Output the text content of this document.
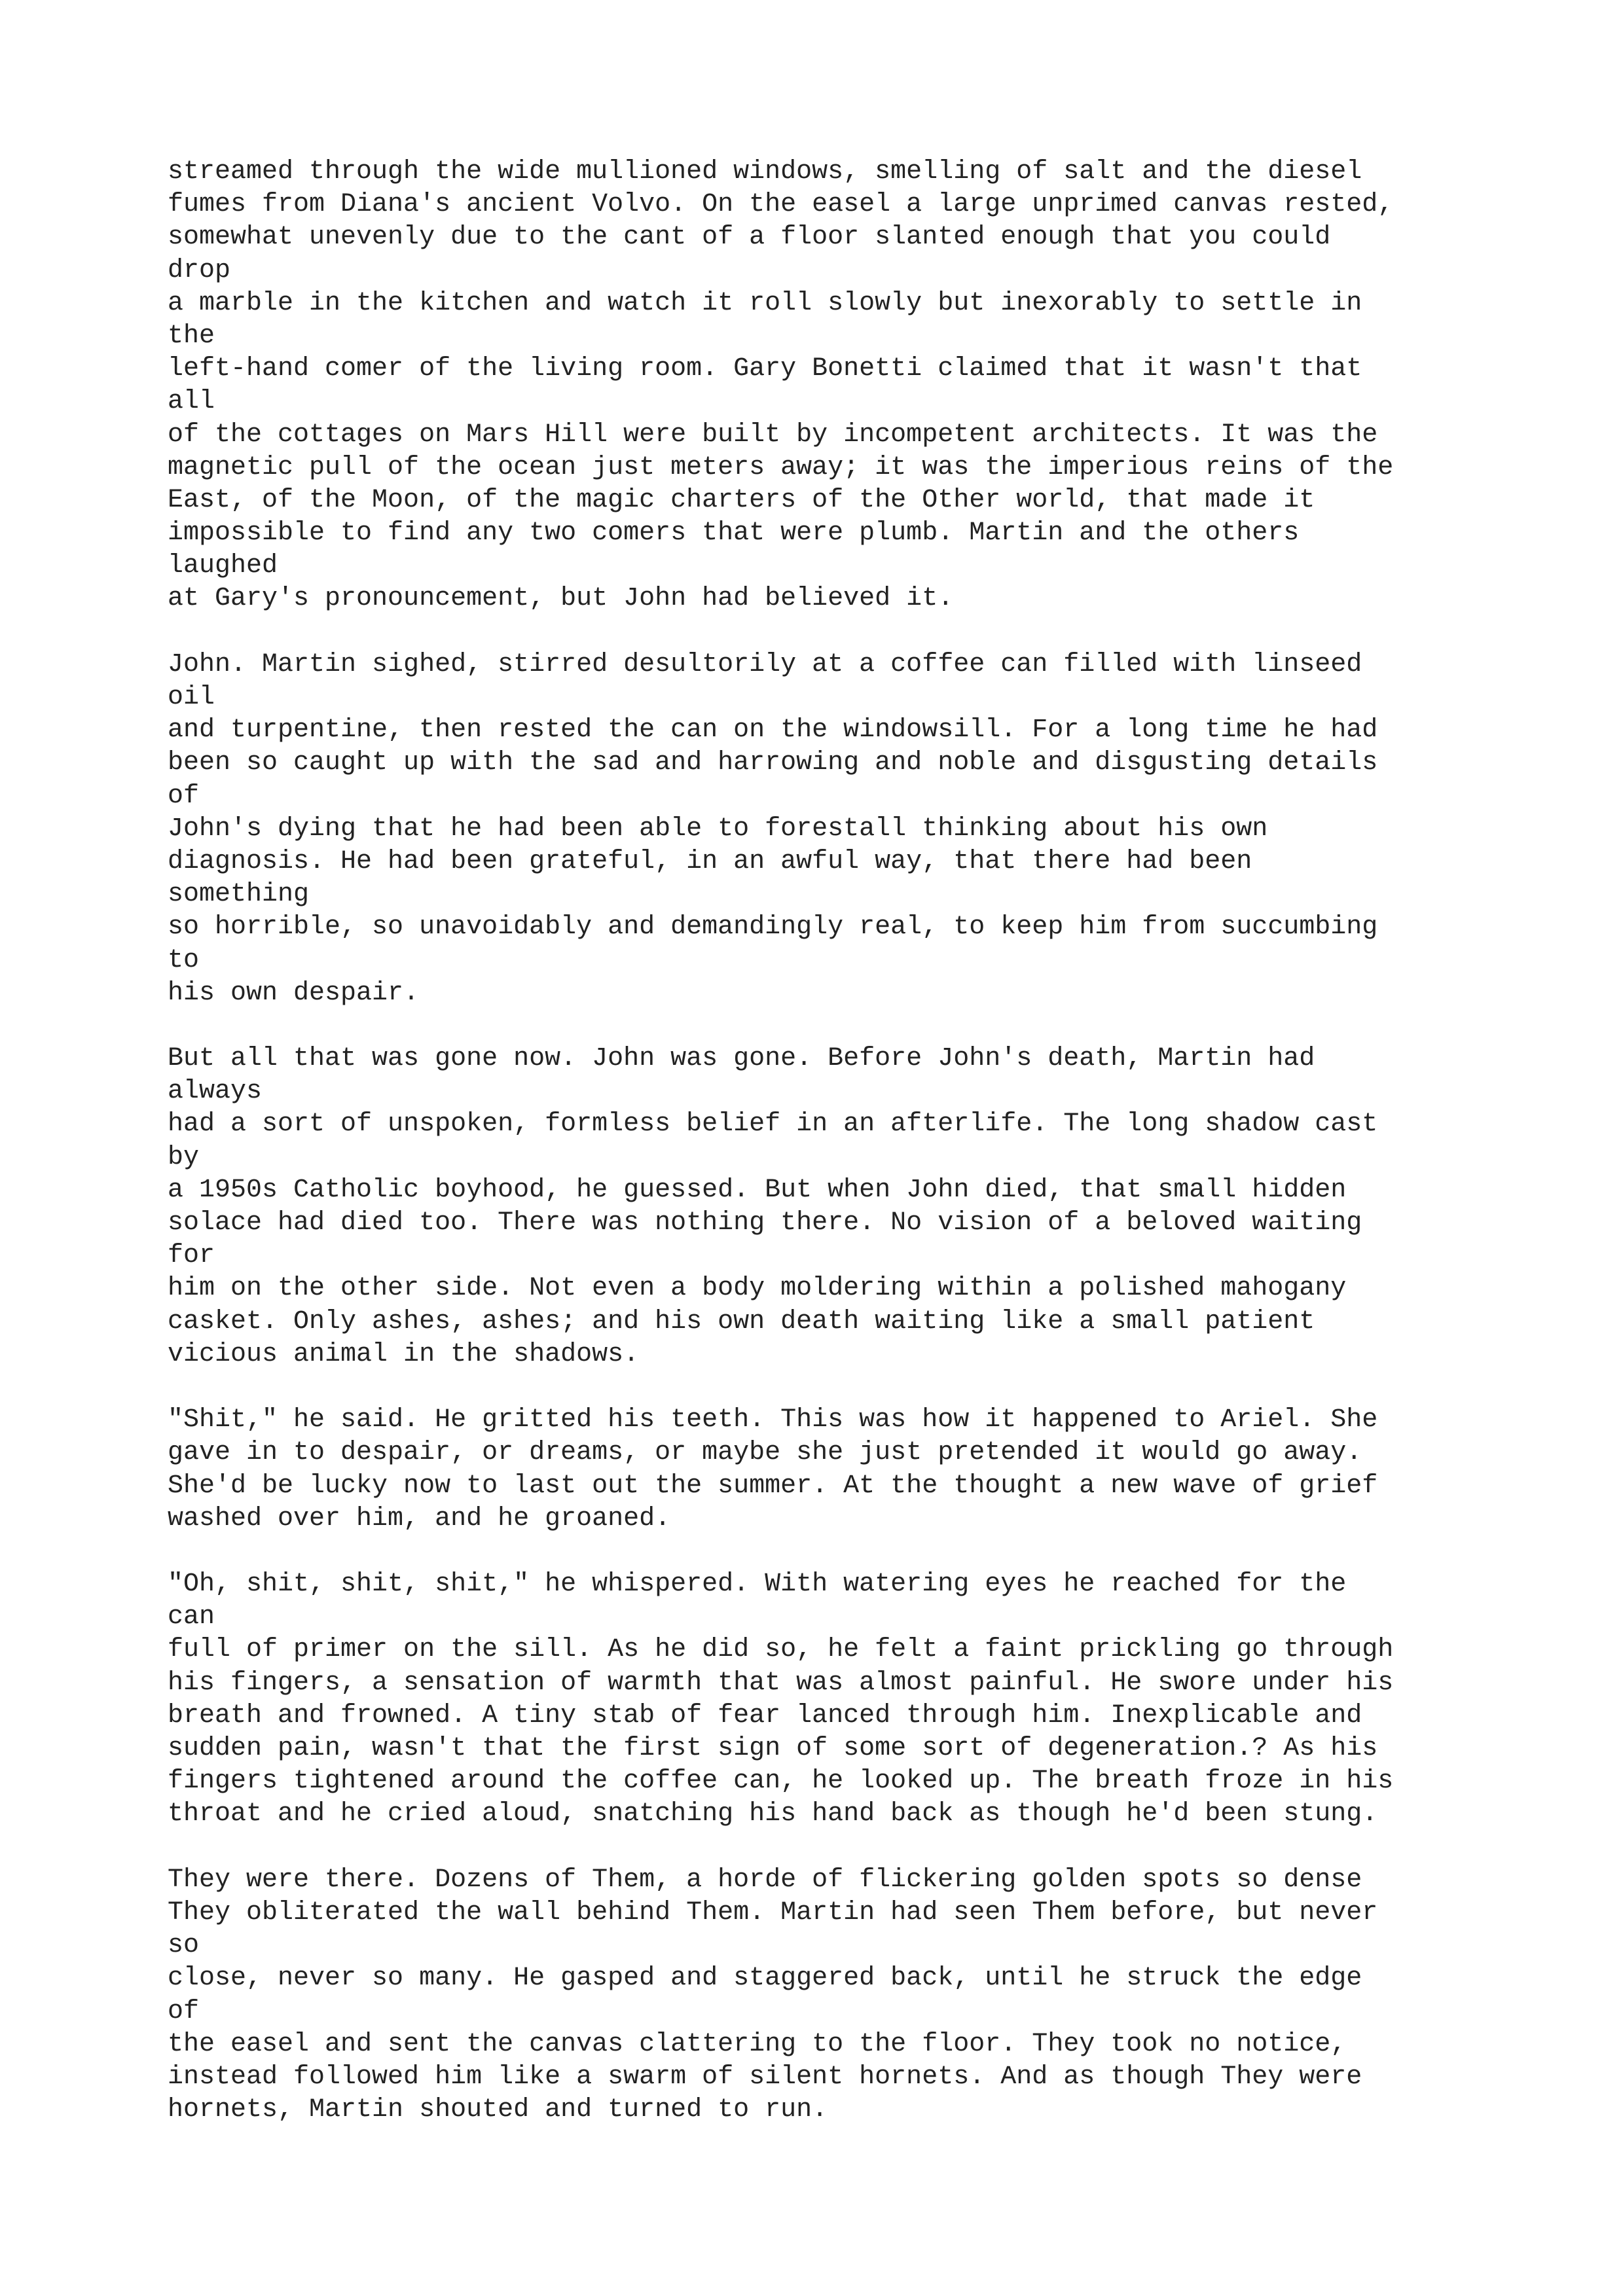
streamed through the wide mullioned windows, smelling of salt and the diesel
fumes from Diana's ancient Volvo. On the easel a large unprimed canvas rested,
somewhat unevenly due to the cant of a floor slanted enough that you could
drop
a marble in the kitchen and watch it roll slowly but inexorably to settle in
the
left-hand comer of the living room. Gary Bonetti claimed that it wasn't that
all
of the cottages on Mars Hill were built by incompetent architects. It was the
magnetic pull of the ocean just meters away; it was the imperious reins of the
East, of the Moon, of the magic charters of the Other world, that made it
impossible to find any two comers that were plumb. Martin and the others
laughed
at Gary's pronouncement, but John had believed it.
John. Martin sighed, stirred desultorily at a coffee can filled with linseed
oil
and turpentine, then rested the can on the windowsill. For a long time he had
been so caught up with the sad and harrowing and noble and disgusting details
of
John's dying that he had been able to forestall thinking about his own
diagnosis. He had been grateful, in an awful way, that there had been
something
so horrible, so unavoidably and demandingly real, to keep him from succumbing
to
his own despair.
But all that was gone now. John was gone. Before John's death, Martin had
always
had a sort of unspoken, formless belief in an afterlife. The long shadow cast
by
a 1950s Catholic boyhood, he guessed. But when John died, that small hidden
solace had died too. There was nothing there. No vision of a beloved waiting
for
him on the other side. Not even a body moldering within a polished mahogany
casket. Only ashes, ashes; and his own death waiting like a small patient
vicious animal in the shadows.
"Shit," he said. He gritted his teeth. This was how it happened to Ariel. She
gave in to despair, or dreams, or maybe she just pretended it would go away.
She'd be lucky now to last out the summer. At the thought a new wave of grief
washed over him, and he groaned.
"Oh, shit, shit, shit," he whispered. With watering eyes he reached for the
can
full of primer on the sill. As he did so, he felt a faint prickling go through
his fingers, a sensation of warmth that was almost painful. He swore under his
breath and frowned. A tiny stab of fear lanced through him. Inexplicable and
sudden pain, wasn't that the first sign of some sort of degeneration.? As his
fingers tightened around the coffee can, he looked up. The breath froze in his
throat and he cried aloud, snatching his hand back as though he'd been stung.
They were there. Dozens of Them, a horde of flickering golden spots so dense
They obliterated the wall behind Them. Martin had seen Them before, but never
so
close, never so many. He gasped and staggered back, until he struck the edge
of
the easel and sent the canvas clattering to the floor. They took no notice,
instead followed him like a swarm of silent hornets. And as though They were
hornets, Martin shouted and turned to run.
